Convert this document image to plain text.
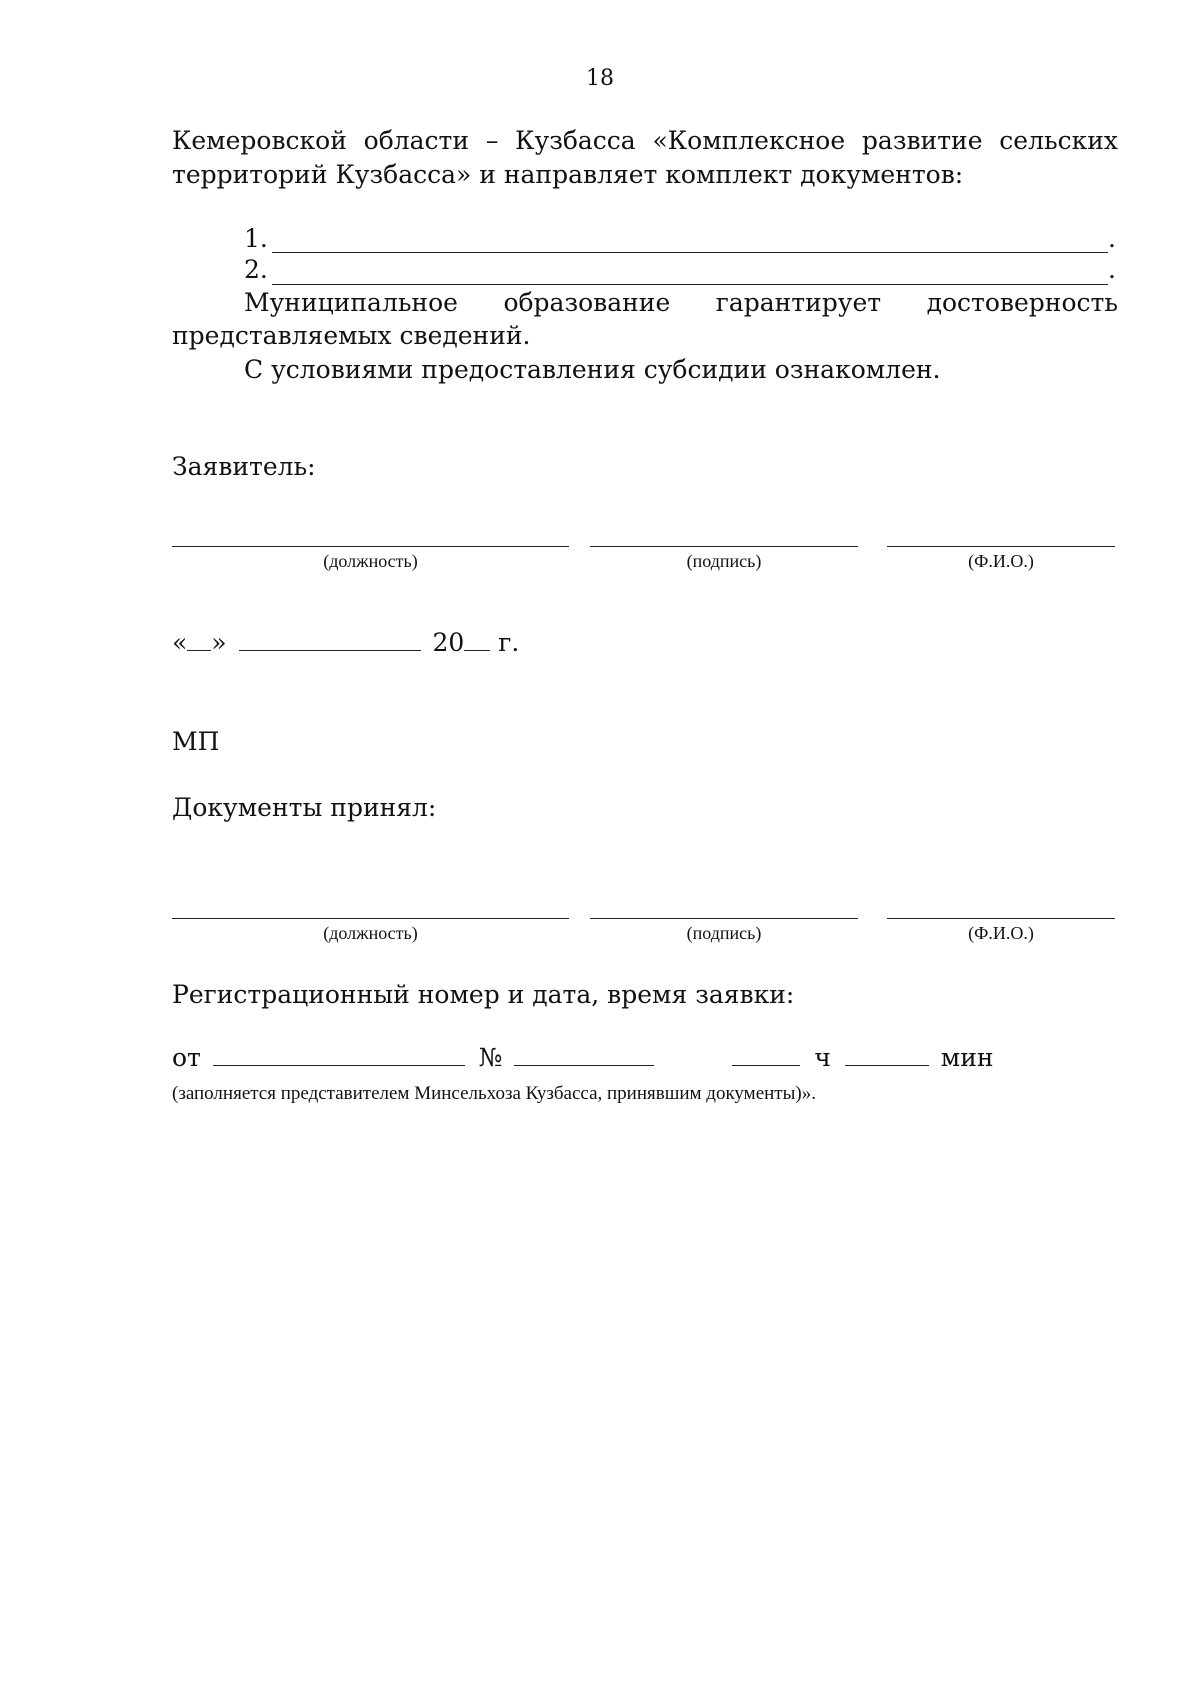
18
Кемеровской области – Кузбасса «Комплексное развитие сельских
территорий Кузбасса» и направляет комплект документов:
1.	.
2.	.
Муниципальное образование гарантирует достоверность
представляемых сведений.
С условиями предоставления субсидии ознакомлен.
Заявитель:
(должность)	(подпись)	(Ф.И.О.)
« »	20 г.
МП
Документы принял:
(должность)	(подпись)	(Ф.И.О.)
Регистрационный номер и дата, время заявки:
от	№	ч	мин
(заполняется представителем Минсельхоза Кузбасса, принявшим документы)».
